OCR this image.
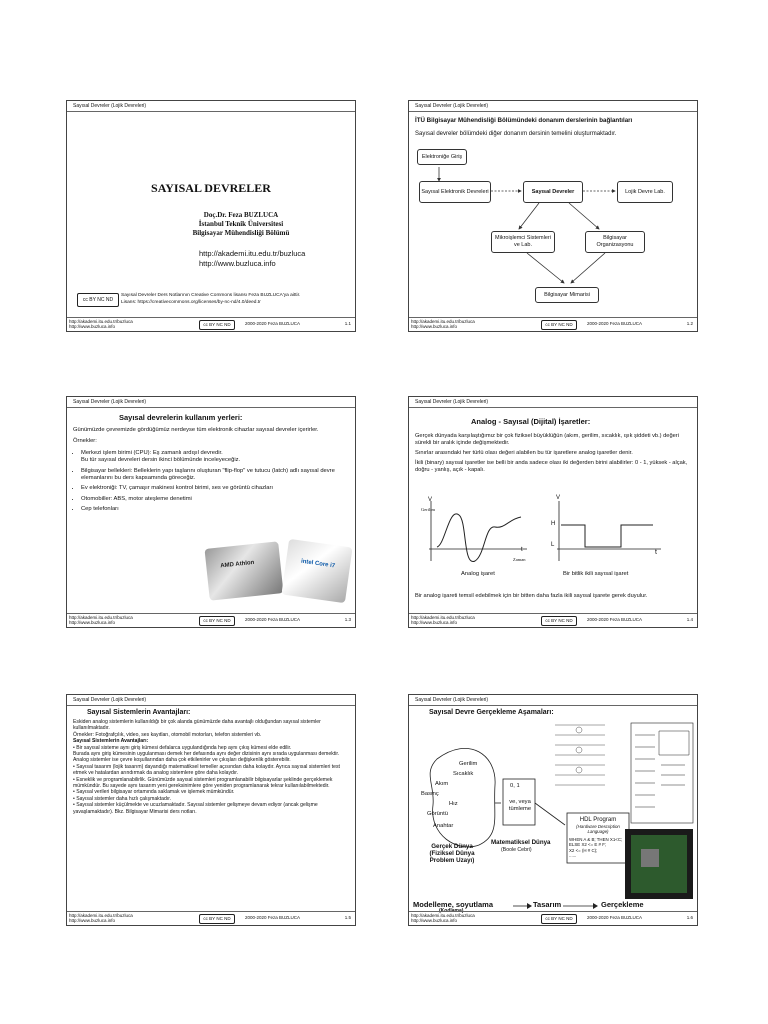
Sayısal Devreler (Lojik Devreleri)
SAYISAL DEVRELER
Doç.Dr. Feza BUZLUCA
İstanbul Teknik Üniversitesi
Bilgisayar Mühendisliği Bölümü
http://akademi.itu.edu.tr/buzluca
http://www.buzluca.info
cc BY NC ND
Sayısal Devreler Ders Notlarının Creative Commons lisansı Feza BUZLUCA'ya aittir.
Lisans: https://creativecommons.org/licenses/by-nc-nd/4.0/deed.tr
http://akademi.itu.edu.tr/buzluca
http://www.buzluca.info	cc BY NC ND	2000-2020 Feza BUZLUCA	1.1
Sayısal Devreler (Lojik Devreleri)
İTÜ Bilgisayar Mühendisliği Bölümündeki donanım derslerinin bağlantıları
Sayısal devreler bölümdeki diğer donanım dersinin temelini oluşturmaktadır.
Elektroniğe Giriş
Sayısal Elektronik Devreleri	Sayısal Devreler	Lojik Devre Lab.
Mikroişlemci Sistemleri ve Lab.
Bilgisayar Organizasyonu
Bilgisayar Mimarisi
http://akademi.itu.edu.tr/buzluca
http://www.buzluca.info	cc BY NC ND	2000-2020 Feza BUZLUCA	1.2
Sayısal Devreler (Lojik Devreleri)
Sayısal devrelerin kullanım yerleri:
Günümüzde çevremizde gördüğümüz nerdeyse tüm elektronik cihazlar sayısal devreler içerirler.
Örnekler:
• Merkezi işlem birimi (CPU): Eş zamanlı ardışıl devredir.
Bu tür sayısal devreleri dersin ikinci bölümünde inceleyeceğiz.
• Bilgisayar bellekleri: Belleklerin yapı taşlarını oluşturan "flip-flop" ve tutucu (latch) adlı sayısal devre elemanlarını bu ders kapsamında göreceğiz.
• Ev elektroniği: TV, çamaşır makinesi kontrol birimi, ses ve görüntü cihazları
• Otomobiller: ABS, motor ateşleme denetimi
• Cep telefonları
AMD Athlon	intel Core i7
http://akademi.itu.edu.tr/buzluca
http://www.buzluca.info	cc BY NC ND	2000-2020 Feza BUZLUCA	1.3
Sayısal Devreler (Lojik Devreleri)
Analog - Sayısal (Dijital) İşaretler:
Gerçek dünyada karşılaştığımız bir çok fiziksel büyüklüğün (akım, gerilim, sıcaklık, ışık şiddeti vb.) değeri sürekli bir aralık içinde değişmektedir.
Sınırlar arasındaki her türlü olası değeri alabilen bu tür işaretlere analog işaretler denir.
İkili (binary) sayısal işaretler ise belli bir anda sadece olası iki değerden birini alabilirler: 0 - 1, yüksek - alçak, doğru - yanlış, açık - kapalı.
V
Gerilim
Zaman
t
V
H
L
t
Analog işaret	Bir bitlik ikili sayısal işaret
Bir analog işareti temsil edebilmek için bir bitten daha fazla ikili sayısal işarete gerek duyulur.
http://akademi.itu.edu.tr/buzluca
http://www.buzluca.info	cc BY NC ND	2000-2020 Feza BUZLUCA	1.4
Sayısal Devreler (Lojik Devreleri)
Sayısal Sistemlerin Avantajları:
Eskiden analog sistemlerin kullanıldığı bir çok alanda günümüzde daha avantajlı olduğundan sayısal sistemler kullanılmaktadır.
Örnekler: Fotoğrafçılık, video, ses kayıtları, otomobil motorları, telefon sistemleri vb.
Sayısal Sistemlerin Avantajları:
• Bir sayısal sisteme aynı giriş kümesi defalarca uygulandığında hep aynı çıkış kümesi elde edilir.
Burada aynı giriş kümesinin uygulanması demek her defasında aynı değer dizisinin aynı sırada uygulanması demektir. Analog sistemler ise çevre koşullarından daha çok etkilenirler ve çıkışları değişkenlik gösterebilir.
• Sayısal tasarım (lojik tasarım) dayandığı matematiksel temeller açısından daha kolaydır. Ayrıca sayısal sistemleri test etmek ve hatalardan arındırmak da analog sistemlere göre daha kolaydır.
• Esneklik ve programlanabilirlik. Günümüzde sayısal sistemleri programlanabilir bilgisayarlar şeklinde gerçeklemek mümkündür. Bu sayede aynı tasarım yeni gereksinimlere göre yeniden programlanarak tekrar kullanılabilmektedir.
• Sayısal verileri bilgisayar ortamında saklamak ve işlemek mümkündür.
• Sayısal sistemler daha hızlı çalışmaktadır.
• Sayısal sistemler küçülmekte ve ucuzlamaktadır. Sayısal sistemler gelişmeye devam ediyor (ancak gelişme yavaşlamaktadır). Bkz. Bilgisayar Mimarisi ders notları.
http://akademi.itu.edu.tr/buzluca
http://www.buzluca.info	cc BY NC ND	2000-2020 Feza BUZLUCA	1.5
Sayısal Devreler (Lojik Devreleri)
Sayısal Devre Gerçekleme Aşamaları:
Gerilim
Sıcaklık
Akım
Basınç
Hız
Görüntü
Anahtar
Gerçek Dünya (Fiziksel Dünya Problem Uzayı)
0, 1
ve, veya tümleme
Matematiksel Dünya
(Boole Cebri)
HDL Program
(Hardware Description Language)
WHEN A & B; THEN X1<C;
ELSE X2 <= E # F;
X2 <= (H # C);
......
Modelleme, soyutlama	Tasarım	Gerçekleme
(Kodlama)
http://akademi.itu.edu.tr/buzluca
http://www.buzluca.info	cc BY NC ND	2000-2020 Feza BUZLUCA	1.6
